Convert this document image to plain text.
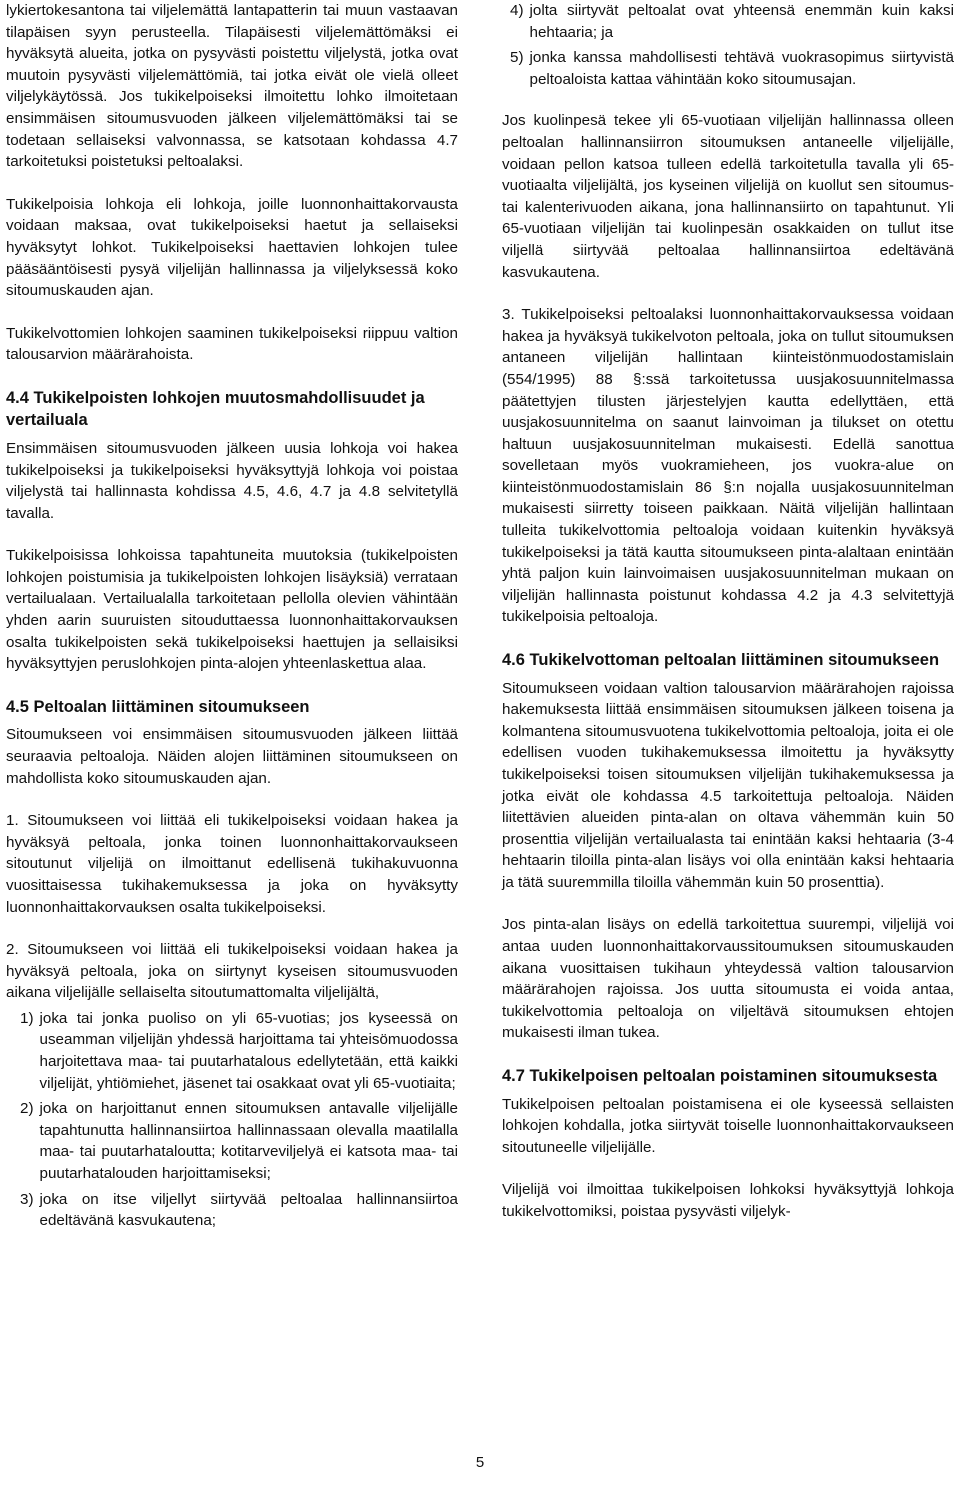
lykiertokesantona tai viljelemättä lantapatterin tai muun vastaavan tilapäisen syyn perusteella. Tilapäisesti viljelemättömäksi ei hyväksytä alueita, jotka on pysyvästi poistettu viljelystä, jotka ovat muutoin pysyvästi viljelemättömiä, tai jotka eivät ole vielä olleet viljelykäytössä. Jos tukikelpoiseksi ilmoitettu lohko ilmoitetaan ensimmäisen sitoumusvuoden jälkeen viljelemättömäksi tai se todetaan sellaiseksi valvonnassa, se katsotaan kohdassa 4.7 tarkoitetuksi poistetuksi peltoalaksi.

Tukikelpoisia lohkoja eli lohkoja, joille luonnonhaittakorvausta voidaan maksaa, ovat tukikelpoiseksi haetut ja sellaiseksi hyväksytyt lohkot. Tukikelpoiseksi haettavien lohkojen tulee pääsääntöisesti pysyä viljelijän hallinnassa ja viljelyksessä koko sitoumuskauden ajan.

Tukikelvottomien lohkojen saaminen tukikelpoiseksi riippuu valtion talousarvion määrärahoista.

4.4 Tukikelpoisten lohkojen muutosmahdollisuudet ja vertailuala

Ensimmäisen sitoumusvuoden jälkeen uusia lohkoja voi hakea tukikelpoiseksi ja tukikelpoiseksi hyväksyttyjä lohkoja voi poistaa viljelystä tai hallinnasta kohdissa 4.5, 4.6, 4.7 ja 4.8 selvitetyllä tavalla.

Tukikelpoisissa lohkoissa tapahtuneita muutoksia (tukikelpoisten lohkojen poistumisia ja tukikelpoisten lohkojen lisäyksiä) verrataan vertailualaan. Vertailualalla tarkoitetaan pellolla olevien vähintään yhden aarin suuruisten sitouduttaessa luonnonhaittakorvauksen osalta tukikelpoisten sekä tukikelpoiseksi haettujen ja sellaisiksi hyväksyttyjen peruslohkojen pinta-alojen yhteenlaskettua alaa.

4.5 Peltoalan liittäminen sitoumukseen

Sitoumukseen voi ensimmäisen sitoumusvuoden jälkeen liittää seuraavia peltoaloja. Näiden alojen liittäminen sitoumukseen on mahdollista koko sitoumuskauden ajan.

1. Sitoumukseen voi liittää eli tukikelpoiseksi voidaan hakea ja hyväksyä peltoala, jonka toinen luonnonhaittakorvaukseen sitoutunut viljelijä on ilmoittanut edellisenä tukihakuvuonna vuosittaisessa tukihakemuksessa ja joka on hyväksytty luonnonhaittakorvauksen osalta tukikelpoiseksi.

2. Sitoumukseen voi liittää eli tukikelpoiseksi voidaan hakea ja hyväksyä peltoala, joka on siirtynyt kyseisen sitoumusvuoden aikana viljelijälle sellaiselta sitoutumattomalta viljelijältä,

1) joka tai jonka puoliso on yli 65-vuotias; jos kyseessä on useamman viljelijän yhdessä harjoittama tai yhteisömuodossa harjoitettava maa- tai puutarhatalous edellytetään, että kaikki viljelijät, yhtiömiehet, jäsenet tai osakkaat ovat yli 65-vuotiaita;
2) joka on harjoittanut ennen sitoumuksen antavalle viljelijälle tapahtunutta hallinnansiirtoa hallinnassaan olevalla maatilalla maa- tai puutarhataloutta; kotitarveviljelyä ei katsota maa- tai puutarhatalouden harjoittamiseksi;
3) joka on itse viljellyt siirtyvää peltoalaa hallinnansiirtoa edeltävänä kasvukautena;
4) jolta siirtyvät peltoalat ovat yhteensä enemmän kuin kaksi hehtaaria; ja
5) jonka kanssa mahdollisesti tehtävä vuokrasopimus siirtyvistä peltoaloista kattaa vähintään koko sitoumusajan.

Jos kuolinpesä tekee yli 65-vuotiaan viljelijän hallinnassa olleen peltoalan hallinnansiirron sitoumuksen antaneelle viljelijälle, voidaan pellon katsoa tulleen edellä tarkoitetulla tavalla yli 65-vuotiaalta viljelijältä, jos kyseinen viljelijä on kuollut sen sitoumus- tai kalenterivuoden aikana, jona hallinnansiirto on tapahtunut. Yli 65-vuotiaan viljelijän tai kuolinpesän osakkaiden on tullut itse viljellä siirtyvää peltoalaa hallinnansiirtoa edeltävänä kasvukautena.

3. Tukikelpoiseksi peltoalaksi luonnonhaittakorvauksessa voidaan hakea ja hyväksyä tukikelvoton peltoala, joka on tullut sitoumuksen antaneen viljelijän hallintaan kiinteistönmuodostamislain (554/1995) 88 §:ssä tarkoitetussa uusjakosuunnitelmassa päätettyjen tilusten järjestelyjen kautta edellyttäen, että uusjakosuunnitelma on saanut lainvoiman ja tilukset on otettu haltuun uusjakosuunnitelman mukaisesti. Edellä sanottua sovelletaan myös vuokramieheen, jos vuokra-alue on kiinteistönmuodostamislain 86 §:n nojalla uusjakosuunnitelman mukaisesti siirretty toiseen paikkaan. Näitä viljelijän hallintaan tulleita tukikelvottomia peltoaloja voidaan kuitenkin hyväksyä tukikelpoiseksi ja tätä kautta sitoumukseen pinta-alaltaan enintään yhtä paljon kuin lainvoimaisen uusjakosuunnitelman mukaan on viljelijän hallinnasta poistunut kohdassa 4.2 ja 4.3 selvitettyjä tukikelpoisia peltoaloja.

4.6 Tukikelvottoman peltoalan liittäminen sitoumukseen

Sitoumukseen voidaan valtion talousarvion määrärahojen rajoissa hakemuksesta liittää ensimmäisen sitoumuksen jälkeen toisena ja kolmantena sitoumusvuotena tukikelvottomia peltoaloja, joita ei ole edellisen vuoden tukihakemuksessa ilmoitettu ja hyväksytty tukikelpoiseksi toisen sitoumuksen viljelijän tukihakemuksessa ja jotka eivät ole kohdassa 4.5 tarkoitettuja peltoaloja. Näiden liitettävien alueiden pinta-alan on oltava vähemmän kuin 50 prosenttia viljelijän vertailualasta tai enintään kaksi hehtaaria (3-4 hehtaarin tiloilla pinta-alan lisäys voi olla enintään kaksi hehtaaria ja tätä suuremmilla tiloilla vähemmän kuin 50 prosenttia).

Jos pinta-alan lisäys on edellä tarkoitettua suurempi, viljelijä voi antaa uuden luonnonhaittakorvaussitoumuksen sitoumuskauden aikana vuosittaisen tukihaun yhteydessä valtion talousarvion määrärahojen rajoissa. Jos uutta sitoumusta ei voida antaa, tukikelvottomia peltoaloja on viljeltävä sitoumuksen ehtojen mukaisesti ilman tukea.

4.7 Tukikelpoisen peltoalan poistaminen sitoumuksesta

Tukikelpoisen peltoalan poistamisena ei ole kyseessä sellaisten lohkojen kohdalla, jotka siirtyvät toiselle luonnonhaittakorvaukseen sitoutuneelle viljelijälle.

Viljelijä voi ilmoittaa tukikelpoisen lohkoksi hyväksyttyjä lohkoja tukikelvottomiksi, poistaa pysyvästi viljelyk-

5
